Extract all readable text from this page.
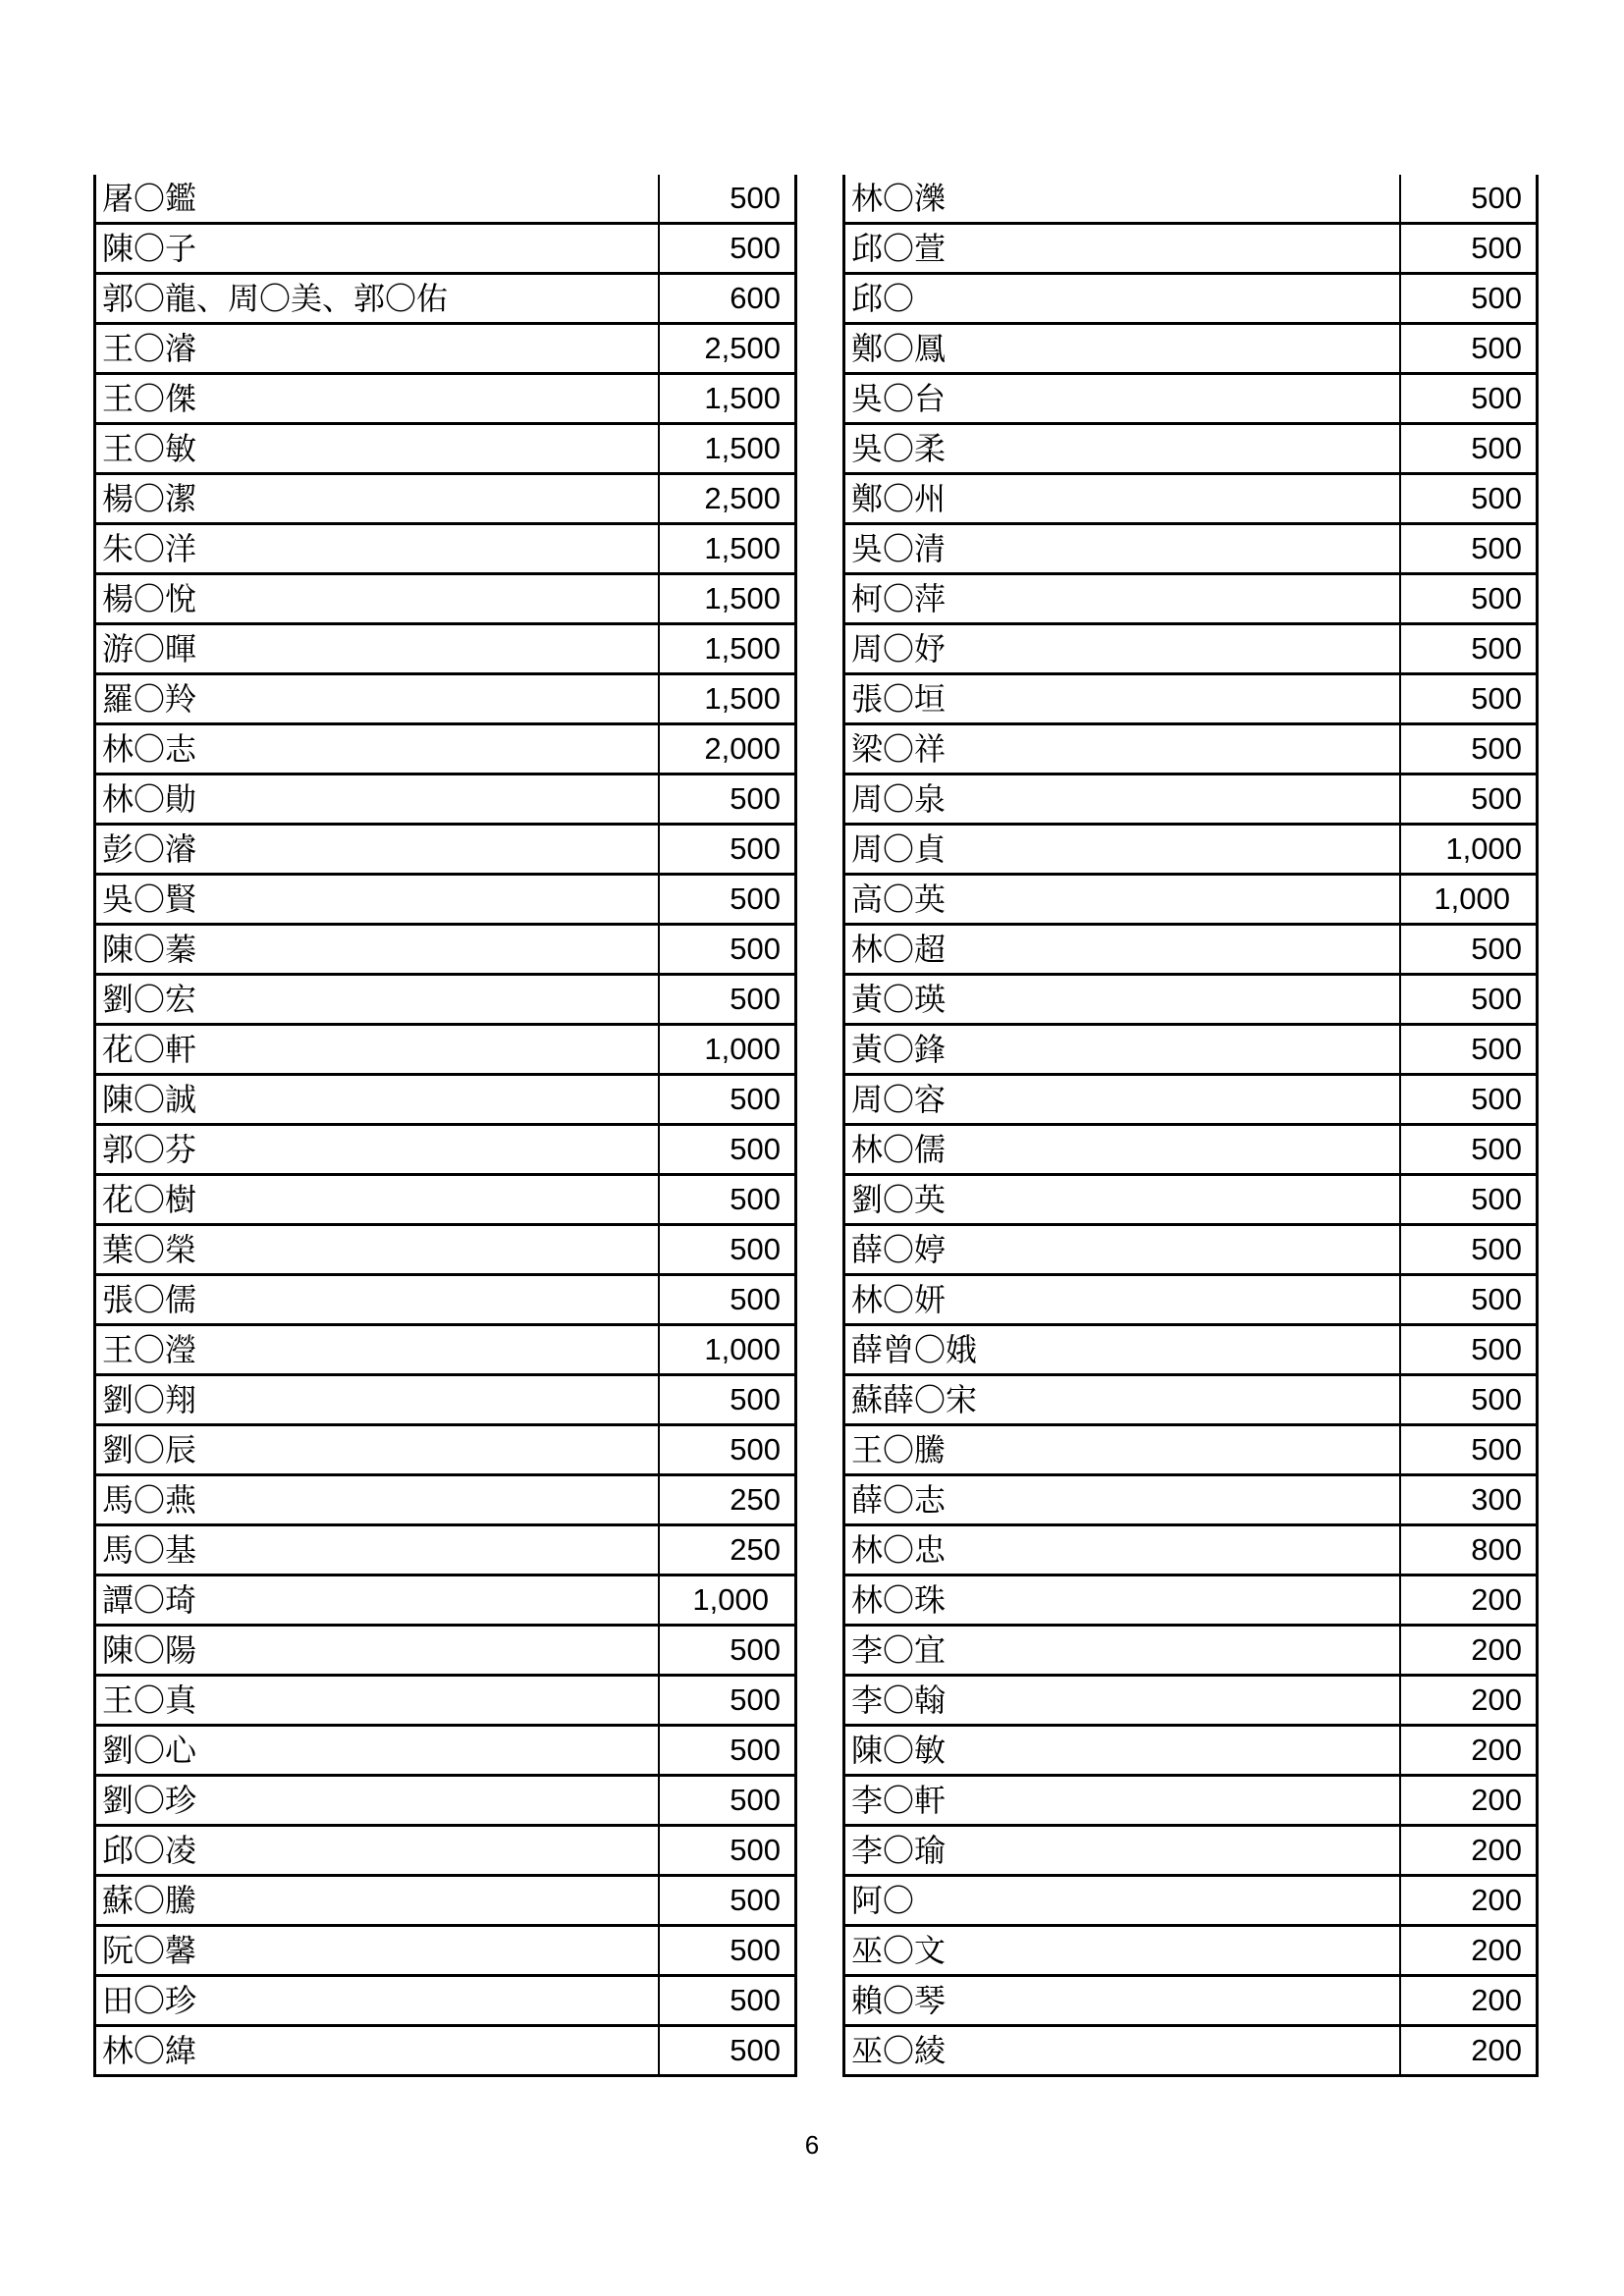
屠〇鑑	500
陳〇子	500
郭〇龍、周〇美、郭〇佑	600
王〇濬	2,500
王〇傑	1,500
王〇敏	1,500
楊〇潔	2,500
朱〇洋	1,500
楊〇悅	1,500
游〇暉	1,500
羅〇羚	1,500
林〇志	2,000
林〇勛	500
彭〇濬	500
吳〇賢	500
陳〇蓁	500
劉〇宏	500
花〇軒	1,000
陳〇誠	500
郭〇芬	500
花〇樹	500
葉〇榮	500
張〇儒	500
王〇瀅	1,000
劉〇翔	500
劉〇辰	500
馬〇燕	250
馬〇基	250
譚〇琦	1,000
陳〇陽	500
王〇真	500
劉〇心	500
劉〇珍	500
邱〇凌	500
蘇〇騰	500
阮〇馨	500
田〇珍	500
林〇緯	500
林〇濼	500
邱〇萱	500
邱〇	500
鄭〇鳳	500
吳〇台	500
吳〇柔	500
鄭〇州	500
吳〇清	500
柯〇萍	500
周〇妤	500
張〇垣	500
梁〇祥	500
周〇泉	500
周〇貞	1,000
高〇英	1,000
林〇超	500
黃〇瑛	500
黃〇鋒	500
周〇容	500
林〇儒	500
劉〇英	500
薛〇婷	500
林〇妍	500
薛曾〇娥	500
蘇薛〇宋	500
王〇騰	500
薛〇志	300
林〇忠	800
林〇珠	200
李〇宜	200
李〇翰	200
陳〇敏	200
李〇軒	200
李〇瑜	200
阿〇	200
巫〇文	200
賴〇琴	200
巫〇綾	200
6
